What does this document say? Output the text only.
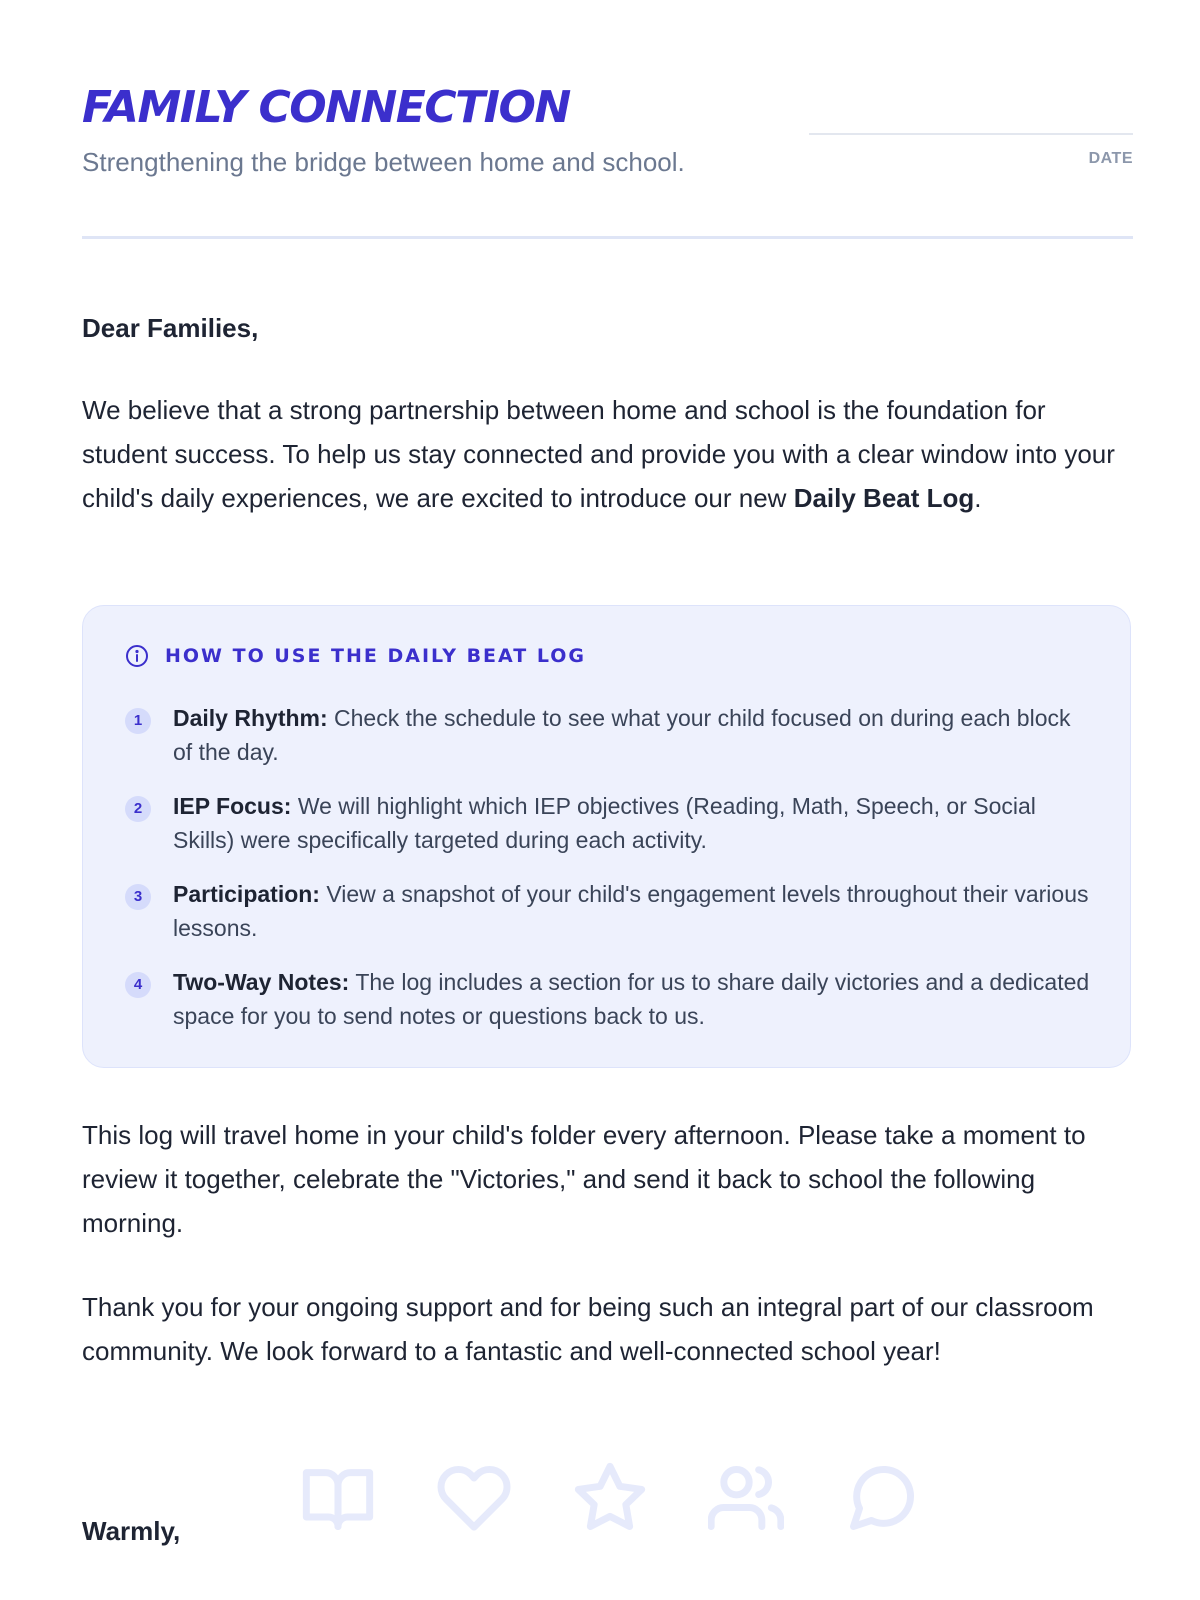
FAMILY CONNECTION
Strengthening the bridge between home and school.	DATE
Dear Families,

We believe that a strong partnership between home and school is the foundation for student success. To help us stay connected and provide you with a clear window into your child's daily experiences, we are excited to introduce our new Daily Beat Log.

HOW TO USE THE DAILY BEAT LOG
1	Daily Rhythm: Check the schedule to see what your child focused on during each block of the day.
2	IEP Focus: We will highlight which IEP objectives (Reading, Math, Speech, or Social Skills) were specifically targeted during each activity.
3	Participation: View a snapshot of your child's engagement levels throughout their various lessons.
4	Two-Way Notes: The log includes a section for us to share daily victories and a dedicated space for you to send notes or questions back to us.

This log will travel home in your child's folder every afternoon. Please take a moment to review it together, celebrate the "Victories," and send it back to school the following morning.

Thank you for your ongoing support and for being such an integral part of our classroom community. We look forward to a fantastic and well-connected school year!

Warmly,
